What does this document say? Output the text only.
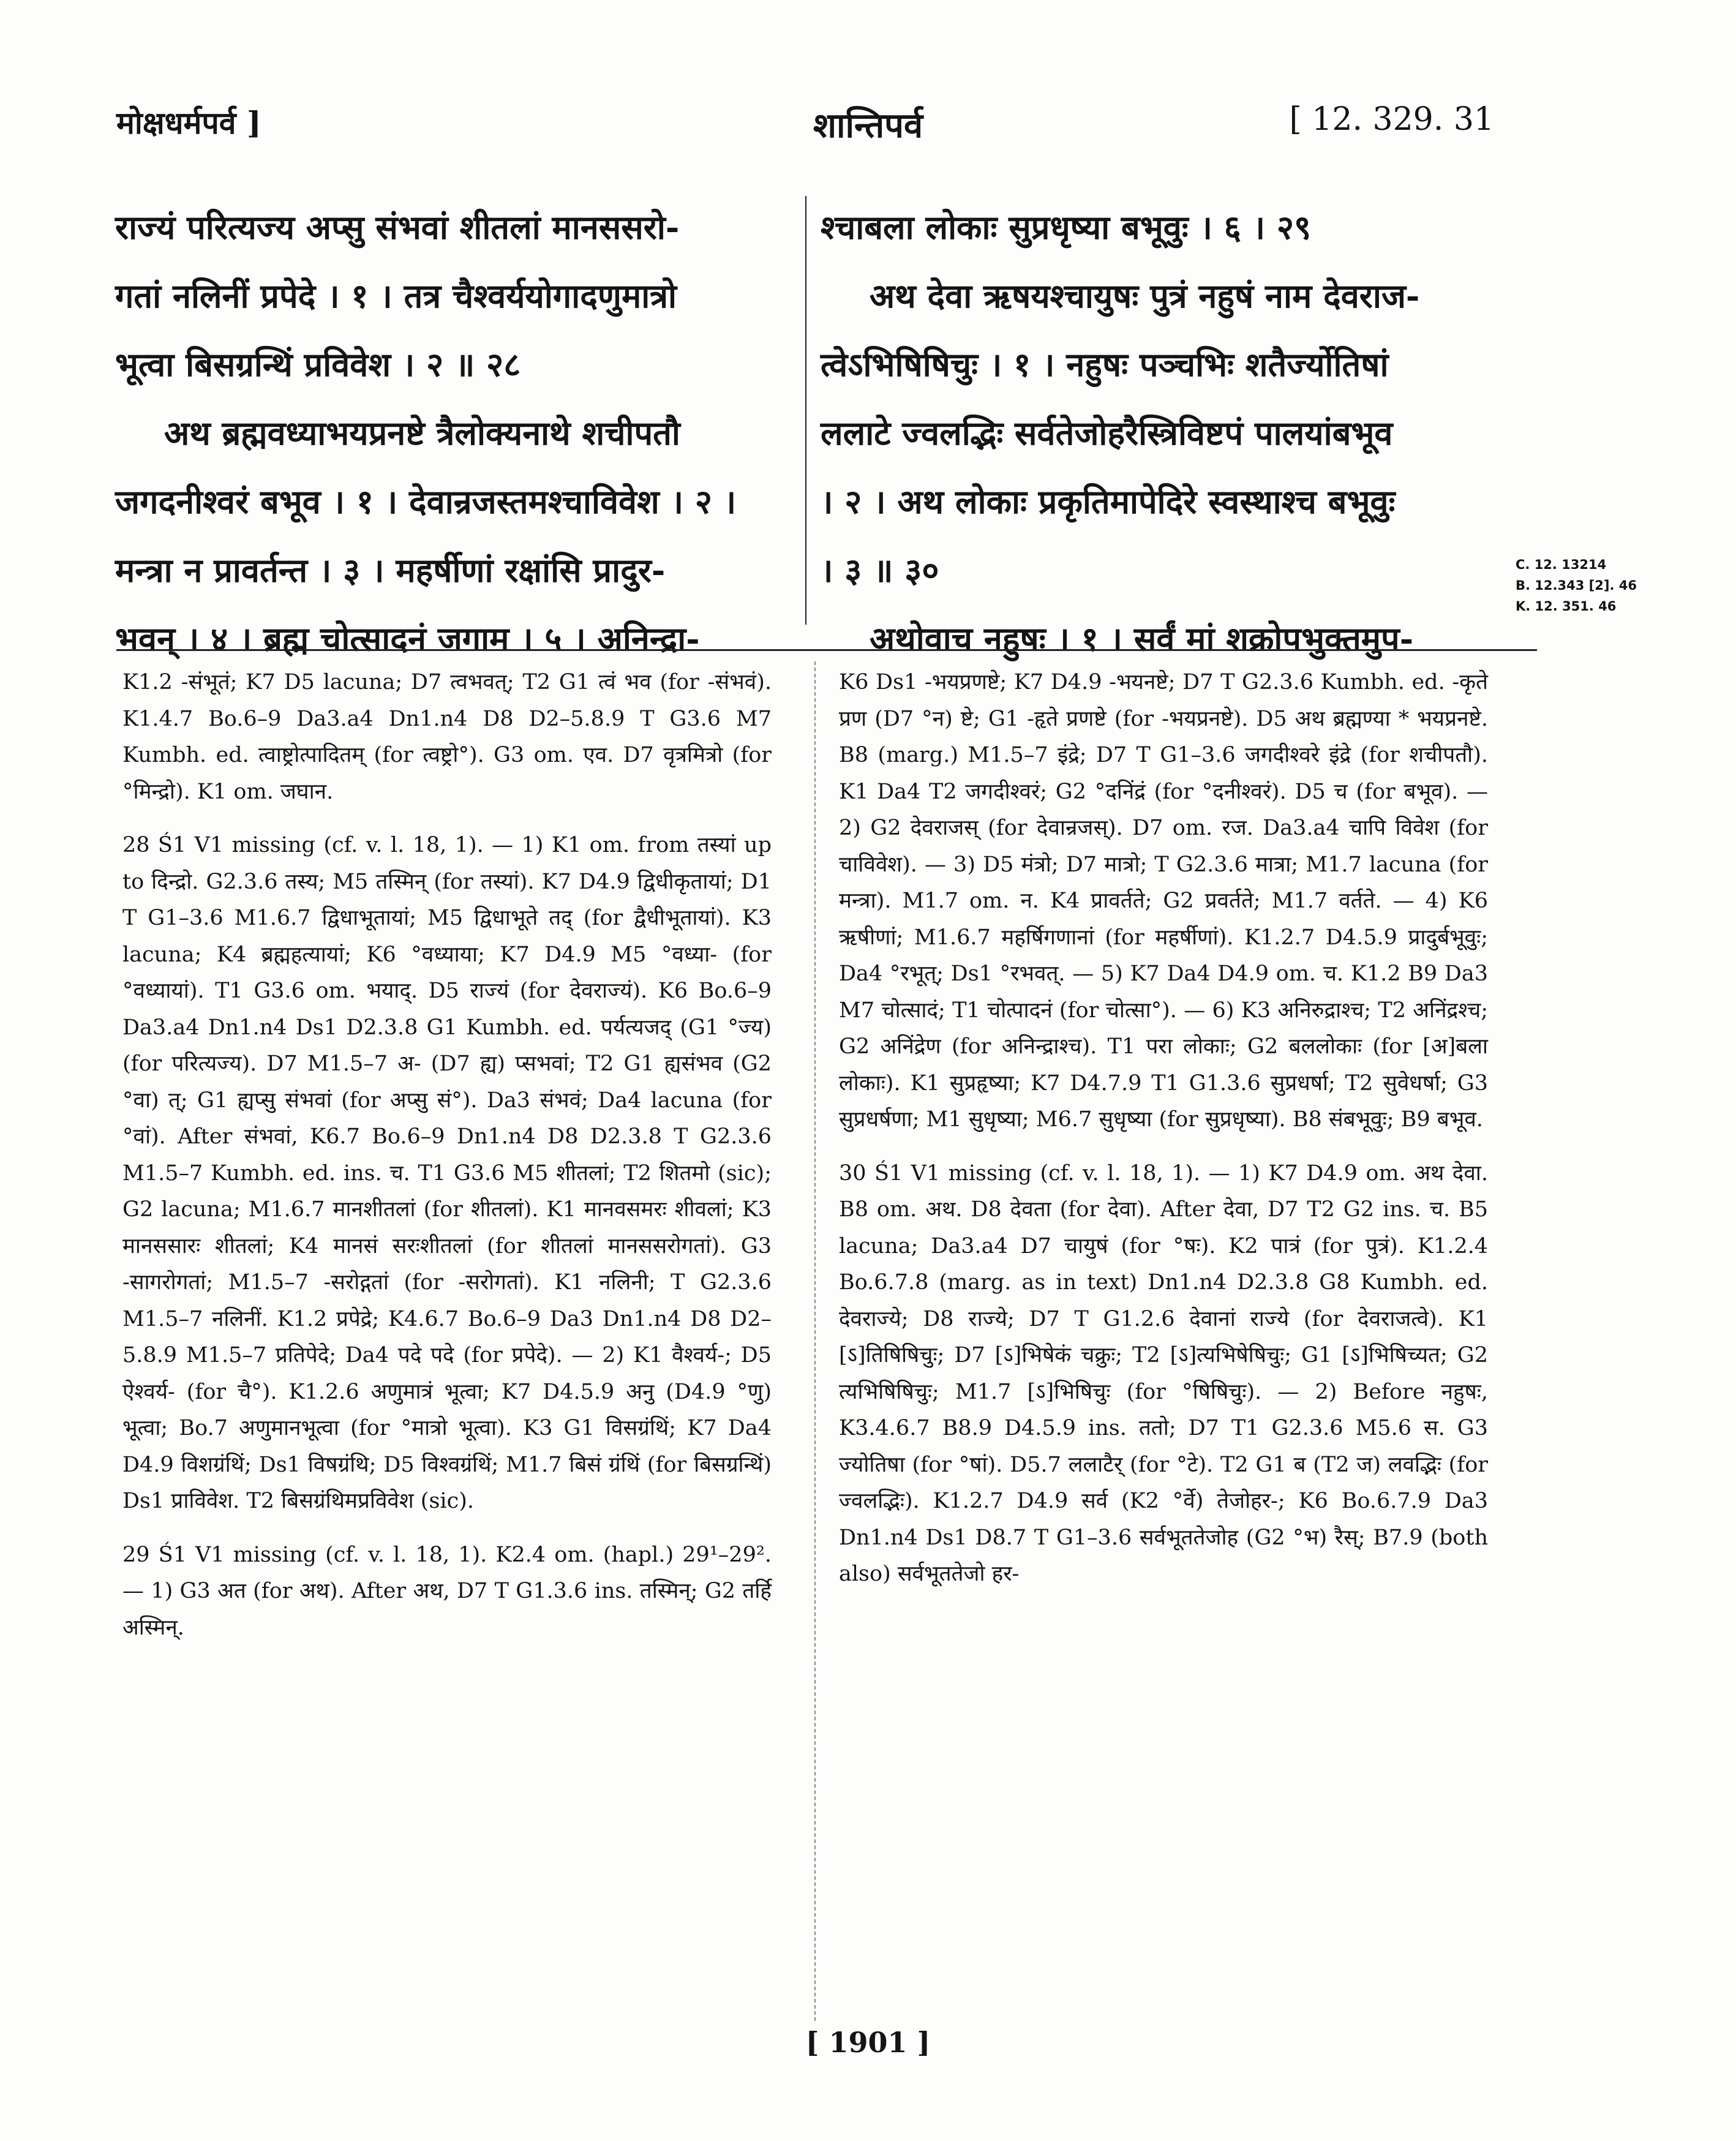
मोक्षधर्मपर्व ]	शान्तिपर्व	[ 12. 329. 31

राज्यं परित्यज्य अप्सु संभवां शीतलां मानससरो-

गतां नलिनीं प्रपेदे । १ । तत्र चैश्वर्ययोगादणुमात्रो

भूत्वा बिसग्रन्थिं प्रविवेश । २ ॥ २८

अथ ब्रह्मवध्याभयप्रनष्टे त्रैलोक्यनाथे शचीपतौ

जगदनीश्वरं बभूव । १ । देवान्रजस्तमश्चाविवेश । २ ।

मन्त्रा न प्रावर्तन्त । ३ । महर्षीणां रक्षांसि प्रादुर-

भवन् । ४ । ब्रह्म चोत्सादनं जगाम । ५ । अनिन्द्रा-

श्चाबला लोकाः सुप्रधृष्या बभूवुः । ६ । २९

अथ देवा ऋषयश्चायुषः पुत्रं नहुषं नाम देवराज-

त्वेऽभिषिषिचुः । १ । नहुषः पञ्चभिः शतैर्ज्योतिषां

ललाटे ज्वलद्भिः सर्वतेजोहरैस्त्रिविष्टपं पालयांबभूव

। २ । अथ लोकाः प्रकृतिमापेदिरे स्वस्थाश्च बभूवुः

। ३ ॥ ३०

अथोवाच नहुषः । १ । सर्वं मां शक्रोपभुक्तमुप-

C. 12. 13214
B. 12.343 [2]. 46
K. 12. 351. 46

K1.2 -संभूतं; K7 D5 lacuna; D7 त्वभवत्; T2 G1 त्वं भव (for -संभवं). K1.4.7 Bo.6–9 Da3.a4 Dn1.n4 D8 D2–5.8.9 T G3.6 M7 Kumbh. ed. त्वाष्ट्रोत्पादितम् (for त्वष्ट्रो°). G3 om. एव. D7 वृत्रमित्रो (for °मिन्द्रो). K1 om. जघान.

28 Ś1 V1 missing (cf. v. l. 18, 1). — 1) K1 om. from तस्यां up to दिन्द्रो. G2.3.6 तस्य; M5 तस्मिन् (for तस्यां). K7 D4.9 द्विधीकृतायां; D1 T G1–3.6 M1.6.7 द्विधाभूतायां; M5 द्विधाभूते तद् (for द्वैधीभूतायां). K3 lacuna; K4 ब्रह्महत्यायां; K6 °वध्याया; K7 D4.9 M5 °वध्या- (for °वध्यायां). T1 G3.6 om. भयाद्. D5 राज्यं (for देवराज्यं). K6 Bo.6–9 Da3.a4 Dn1.n4 Ds1 D2.3.8 G1 Kumbh. ed. पर्यत्यजद् (G1 °ज्य) (for परित्यज्य). D7 M1.5–7 अ- (D7 ह्य) प्सभवां; T2 G1 ह्यसंभव (G2 °वा) त्; G1 ह्यप्सु संभवां (for अप्सु सं°). Da3 संभवं; Da4 lacuna (for °वां). After संभवां, K6.7 Bo.6–9 Dn1.n4 D8 D2.3.8 T G2.3.6 M1.5–7 Kumbh. ed. ins. च. T1 G3.6 M5 शीतलां; T2 शितमो (sic); G2 lacuna; M1.6.7 मानशीतलां (for शीतलां). K1 मानवसमरः शीवलां; K3 मानससारः शीतलां; K4 मानसं सरःशीतलां (for शीतलां मानससरोगतां). G3 -सागरोगतां; M1.5–7 -सरोद्गतां (for -सरोगतां). K1 नलिनी; T G2.3.6 M1.5–7 नलिनीं. K1.2 प्रपेद्रे; K4.6.7 Bo.6–9 Da3 Dn1.n4 D8 D2–5.8.9 M1.5–7 प्रतिपेदे; Da4 पदे पदे (for प्रपेदे). — 2) K1 वैश्वर्य-; D5 ऐश्वर्य- (for चै°). K1.2.6 अणुमात्रं भूत्वा; K7 D4.5.9 अनु (D4.9 °णु) भूत्वा; Bo.7 अणुमानभूत्वा (for °मात्रो भूत्वा). K3 G1 विसग्रंथिं; K7 Da4 D4.9 विशग्रंथिं; Ds1 विषग्रंथि; D5 विश्वग्रंथिं; M1.7 बिसं ग्रंथिं (for बिसग्रन्थिं) Ds1 प्राविवेश. T2 बिसग्रंथिमप्रविवेश (sic).

29 Ś1 V1 missing (cf. v. l. 18, 1). K2.4 om. (hapl.) 29¹–29². — 1) G3 अत (for अथ). After अथ, D7 T G1.3.6 ins. तस्मिन्; G2 तर्हि अस्मिन्.

K6 Ds1 -भयप्रणष्टे; K7 D4.9 -भयनष्टे; D7 T G2.3.6 Kumbh. ed. -कृते प्रण (D7 °न) ष्टे; G1 -हृते प्रणष्टे (for -भयप्रनष्टे). D5 अथ ब्रह्मण्या * भयप्रनष्टे. B8 (marg.) M1.5–7 इंद्रे; D7 T G1–3.6 जगदीश्वरे इंद्रे (for शचीपतौ). K1 Da4 T2 जगदीश्वरं; G2 °दनिंद्रं (for °दनीश्वरं). D5 च (for बभूव). — 2) G2 देवराजस् (for देवान्रजस्). D7 om. रज. Da3.a4 चापि विवेश (for चाविवेश). — 3) D5 मंत्रो; D7 मात्रो; T G2.3.6 मात्रा; M1.7 lacuna (for मन्त्रा). M1.7 om. न. K4 प्रावर्तते; G2 प्रवर्तते; M1.7 वर्तते. — 4) K6 ऋषीणां; M1.6.7 महर्षिगणानां (for महर्षीणां). K1.2.7 D4.5.9 प्रादुर्बभूवुः; Da4 °रभूत्; Ds1 °रभवत्. — 5) K7 Da4 D4.9 om. च. K1.2 B9 Da3 M7 चोत्सादं; T1 चोत्पादनं (for चोत्सा°). — 6) K3 अनिरुद्राश्च; T2 अनिंद्रश्च; G2 अनिंद्रेण (for अनिन्द्राश्च). T1 परा लोकाः; G2 बललोकाः (for [अ]बला लोकाः). K1 सुप्रहृष्या; K7 D4.7.9 T1 G1.3.6 सुप्रधर्षा; T2 सुवेधर्षा; G3 सुप्रधर्षणा; M1 सुधृष्या; M6.7 सुधृष्या (for सुप्रधृष्या). B8 संबभूवुः; B9 बभूव.

30 Ś1 V1 missing (cf. v. l. 18, 1). — 1) K7 D4.9 om. अथ देवा. B8 om. अथ. D8 देवता (for देवा). After देवा, D7 T2 G2 ins. च. B5 lacuna; Da3.a4 D7 चायुषं (for °षः). K2 पात्रं (for पुत्रं). K1.2.4 Bo.6.7.8 (marg. as in text) Dn1.n4 D2.3.8 G8 Kumbh. ed. देवराज्ये; D8 राज्ये; D7 T G1.2.6 देवानां राज्ये (for देवराजत्वे). K1 [ऽ]तिषिषिचुः; D7 [ऽ]भिषेकं चक्रुः; T2 [ऽ]त्यभिषेषिचुः; G1 [ऽ]भिषिच्यत; G2 त्यभिषिषिचुः; M1.7 [ऽ]भिषिचुः (for °षिषिचुः). — 2) Before नहुषः, K3.4.6.7 B8.9 D4.5.9 ins. ततो; D7 T1 G2.3.6 M5.6 स. G3 ज्योतिषा (for °षां). D5.7 ललाटैर् (for °टे). T2 G1 ब (T2 ज) लवद्भिः (for ज्वलद्भिः). K1.2.7 D4.9 सर्व (K2 °र्वे) तेजोहर-; K6 Bo.6.7.9 Da3 Dn1.n4 Ds1 D8.7 T G1–3.6 सर्वभूततेजोह (G2 °भ) रैस्; B7.9 (both also) सर्वभूततेजो हर-

[ 1901 ]
